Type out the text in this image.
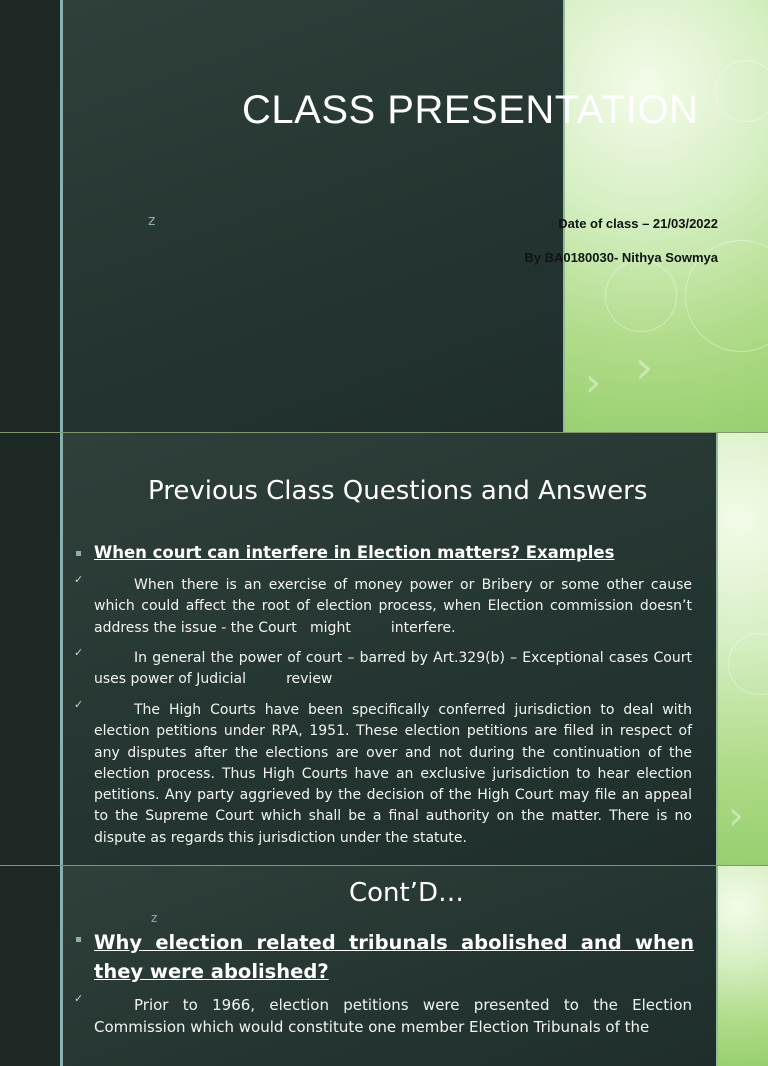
›
›
CLASS PRESENTATION
z	Date of class – 21/03/2022
By BA0180030- Nithya Sowmya
›
Previous Class Questions and Answers
When court can interfere in Election matters? Examples
✓	When there is an exercise of money power or Bribery or some other cause which could affect the root of election process, when Election commission doesn’t address the issue - the Court   might         interfere.
✓	In general the power of court – barred by Art.329(b) – Exceptional cases Court uses power of Judicial         review
✓	The High Courts have been specifically conferred jurisdiction to deal with election petitions under RPA, 1951. These election petitions are filed in respect of any disputes after the elections are over and not during the continuation of the election process. Thus High Courts have an exclusive jurisdiction to hear election petitions. Any party aggrieved by the decision of the High Court may file an appeal to the Supreme Court which shall be a final authority on the matter. There is no dispute as regards this jurisdiction under the statute.
Cont’D…
z
Why election related tribunals abolished and when they were abolished?
✓	Prior to 1966, election petitions were presented to the Election Commission which would constitute one member Election Tribunals of the
